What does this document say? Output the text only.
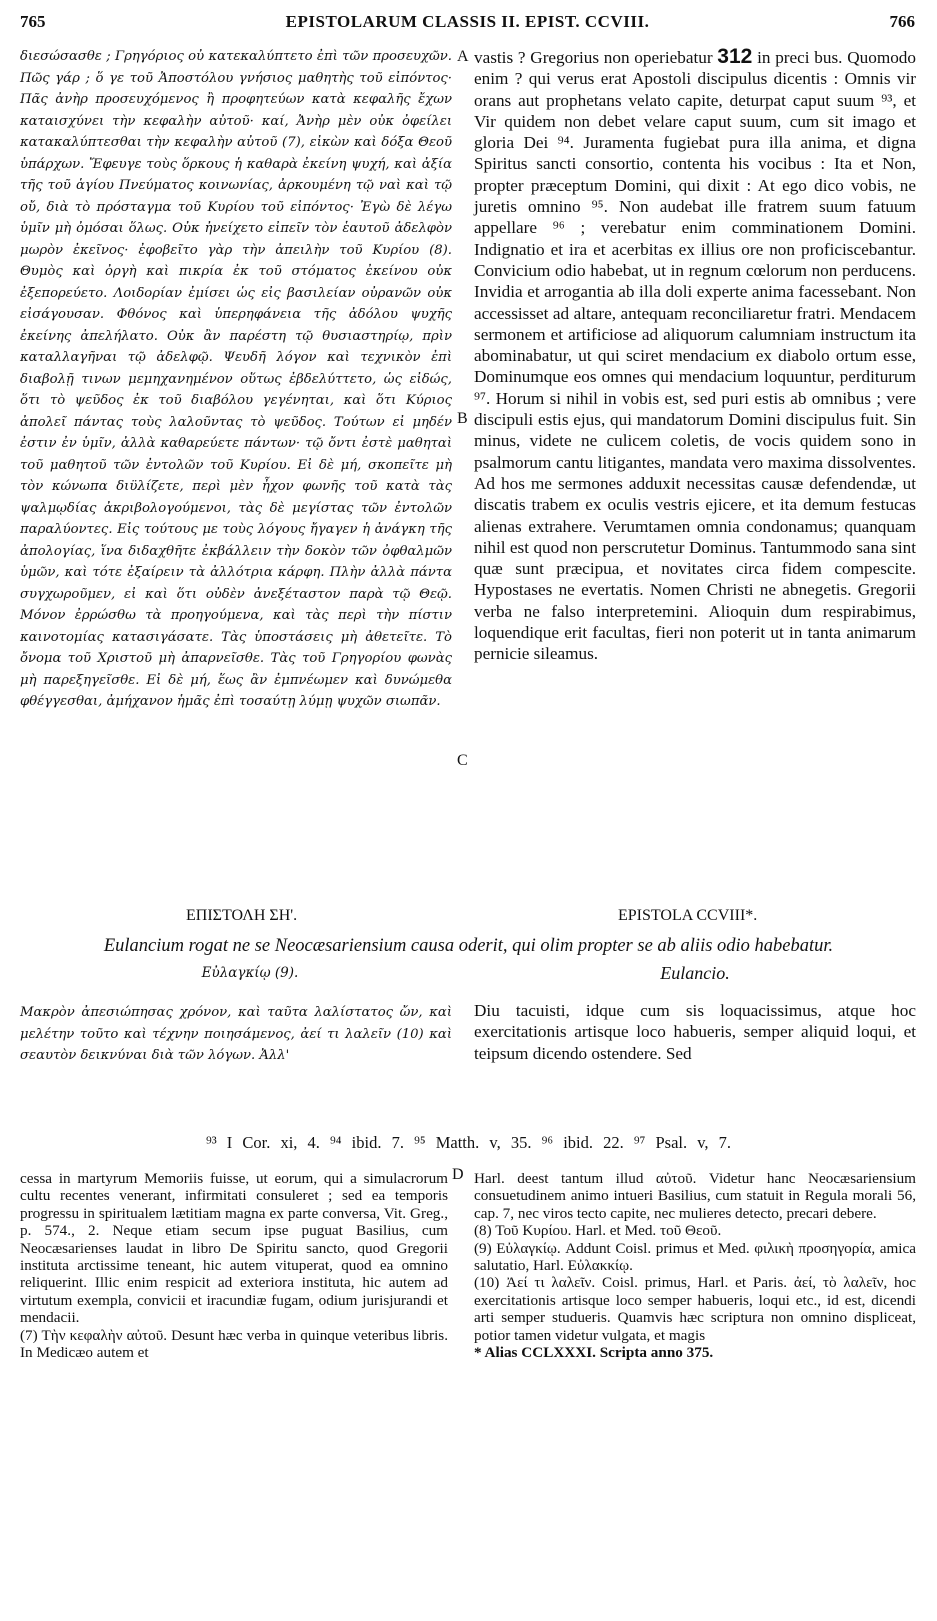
765	EPISTOLARUM CLASSIS II. EPIST. CCVIII.	766

διεσώσασθε ; Γρηγόριος οὐ κατεκαλύπτετο ἐπὶ τῶν προσευχῶν. Πῶς γάρ ; ὅ γε τοῦ Ἀποστόλου γνήσιος μαθητὴς τοῦ εἰπόντος· Πᾶς ἀνὴρ προσευχόμενος ἢ προφητεύων κατὰ κεφαλῆς ἔχων καταισχύνει τὴν κεφαλὴν αὐτοῦ· καί, Ἀνὴρ μὲν οὐκ ὀφείλει κατακαλύπτεσθαι τὴν κεφαλὴν αὐτοῦ (7), εἰκὼν καὶ δόξα Θεοῦ ὑπάρχων. Ἔφευγε τοὺς ὅρκους ἡ καθαρὰ ἐκείνη ψυχή, καὶ ἀξία τῆς τοῦ ἁγίου Πνεύματος κοινωνίας, ἀρκουμένη τῷ ναὶ καὶ τῷ οὔ, διὰ τὸ πρόσταγμα τοῦ Κυρίου τοῦ εἰπόντος· Ἐγὼ δὲ λέγω ὑμῖν μὴ ὀμόσαι ὅλως. Οὐκ ἠνείχετο εἰπεῖν τὸν ἑαυτοῦ ἀδελφὸν μωρὸν ἐκεῖνος· ἐφοβεῖτο γὰρ τὴν ἀπειλὴν τοῦ Κυρίου (8). Θυμὸς καὶ ὀργὴ καὶ πικρία ἐκ τοῦ στόματος ἐκείνου οὐκ ἐξεπορεύετο. Λοιδορίαν ἐμίσει ὡς εἰς βασιλείαν οὐρανῶν οὐκ εἰσάγουσαν. Φθόνος καὶ ὑπερηφάνεια τῆς ἀδόλου ψυχῆς ἐκείνης ἀπελήλατο. Οὐκ ἂν παρέστη τῷ θυσιαστηρίῳ, πρὶν καταλλαγῆναι τῷ ἀδελφῷ. Ψευδῆ λόγον καὶ τεχνικὸν ἐπὶ διαβολῇ τινων μεμηχανημένον οὕτως ἐβδελύττετο, ὡς εἰδώς, ὅτι τὸ ψεῦδος ἐκ τοῦ διαβόλου γεγένηται, καὶ ὅτι Κύριος ἀπολεῖ πάντας τοὺς λαλοῦντας τὸ ψεῦδος. Τούτων εἰ μηδέν ἐστιν ἐν ὑμῖν, ἀλλὰ καθαρεύετε πάντων· τῷ ὄντι ἐστὲ μαθηταὶ τοῦ μαθητοῦ τῶν ἐντολῶν τοῦ Κυρίου. Εἰ δὲ μή, σκοπεῖτε μὴ τὸν κώνωπα διϋλίζετε, περὶ μὲν ἦχον φωνῆς τοῦ κατὰ τὰς ψαλμῳδίας ἀκριβολογούμενοι, τὰς δὲ μεγίστας τῶν ἐντολῶν παραλύοντες. Εἰς τούτους με τοὺς λόγους ἤγαγεν ἡ ἀνάγκη τῆς ἀπολογίας, ἵνα διδαχθῆτε ἐκβάλλειν τὴν δοκὸν τῶν ὀφθαλμῶν ὑμῶν, καὶ τότε ἐξαίρειν τὰ ἀλλότρια κάρφη. Πλὴν ἀλλὰ πάντα συγχωροῦμεν, εἰ καὶ ὅτι οὐδὲν ἀνεξέταστον παρὰ τῷ Θεῷ. Μόνον ἐρρώσθω τὰ προηγούμενα, καὶ τὰς περὶ τὴν πίστιν καινοτομίας κατασιγάσατε. Τὰς ὑποστάσεις μὴ ἀθετεῖτε. Τὸ ὄνομα τοῦ Χριστοῦ μὴ ἀπαρνεῖσθε. Τὰς τοῦ Γρηγορίου φωνὰς μὴ παρεξηγεῖσθε. Εἰ δὲ μή, ἕως ἂν ἐμπνέωμεν καὶ δυνώμεθα φθέγγεσθαι, ἀμήχανον ἡμᾶς ἐπὶ τοσαύτῃ λύμῃ ψυχῶν σιωπᾶν.

vastis ? Gregorius non operiebatur 312 in preci bus. Quomodo enim ? qui verus erat Apostoli discipulus dicentis : Omnis vir orans aut prophetans velato capite, deturpat caput suum ⁹³, et Vir quidem non debet velare caput suum, cum sit imago et gloria Dei ⁹⁴. Juramenta fugiebat pura illa anima, et digna Spiritus sancti consortio, contenta his vocibus : Ita et Non, propter præceptum Domini, qui dixit : At ego dico vobis, ne juretis omnino ⁹⁵. Non audebat ille fratrem suum fatuum appellare ⁹⁶ ; verebatur enim comminationem Domini. Indignatio et ira et acerbitas ex illius ore non proficiscebantur. Convicium odio habebat, ut in regnum cœlorum non perducens. Invidia et arrogantia ab illa doli experte anima facessebant. Non accessisset ad altare, antequam reconciliaretur fratri. Mendacem sermonem et artificiose ad aliquorum calumniam instructum ita abominabatur, ut qui sciret mendacium ex diabolo ortum esse, Dominumque eos omnes qui mendacium loquuntur, perditurum ⁹⁷. Horum si nihil in vobis est, sed puri estis ab omnibus ; vere discipuli estis ejus, qui mandatorum Domini discipulus fuit. Sin minus, videte ne culicem coletis, de vocis quidem sono in psalmorum cantu litigantes, mandata vero maxima dissolventes. Ad hos me sermones adduxit necessitas causæ defendendæ, ut discatis trabem ex oculis vestris ejicere, et ita demum festucas alienas extrahere. Verumtamen omnia condonamus; quanquam nihil est quod non perscrutetur Dominus. Tantummodo sana sint quæ sunt præcipua, et novitates circa fidem compescite. Hypostases ne evertatis. Nomen Christi ne abnegetis. Gregorii verba ne falso interpretemini. Alioquin dum respirabimus, loquendique erit facultas, fieri non poterit ut in tanta animarum pernicie sileamus.

A
B
C
D
ΕΠΙΣΤΟΛΗ ΣΗ'.	EPISTOLA CCVIII*.
Eulancium rogat ne se Neocæsariensium causa oderit, qui olim propter se ab aliis odio habebatur.
Εὐλαγκίῳ (9).	Eulancio.

Μακρὸν ἀπεσιώπησας χρόνον, καὶ ταῦτα λαλίστατος ὤν, καὶ μελέτην τοῦτο καὶ τέχνην ποιησάμενος, ἀεί τι λαλεῖν (10) καὶ σεαυτὸν δεικνύναι διὰ τῶν λόγων. Ἀλλ'

Diu tacuisti, idque cum sis loquacissimus, atque hoc exercitationis artisque loco habueris, semper aliquid loqui, et teipsum dicendo ostendere. Sed

⁹³ I Cor. xi, 4. ⁹⁴ ibid. 7. ⁹⁵ Matth. v, 35. ⁹⁶ ibid. 22. ⁹⁷ Psal. v, 7.

cessa in martyrum Memoriis fuisse, ut eorum, qui a simulacrorum cultu recentes venerant, infirmitati consuleret ; sed ea temporis progressu in spiritualem lætitiam magna ex parte conversa, Vit. Greg., p. 574., 2. Neque etiam secum ipse puguat Basilius, cum Neocæsarienses laudat in libro De Spiritu sancto, quod Gregorii instituta arctissime teneant, hic autem vituperat, quod ea omnino reliquerint. Illic enim respicit ad exteriora instituta, hic autem ad virtutum exempla, convicii et iracundiæ fugam, odium jurisjurandi et mendacii.

(7) Τὴν κεφαλὴν αὐτοῦ. Desunt hæc verba in quinque veteribus libris. In Medicæo autem et

Harl. deest tantum illud αὐτοῦ. Videtur hanc Neocæsariensium consuetudinem animo intueri Basilius, cum statuit in Regula morali 56, cap. 7, nec viros tecto capite, nec mulieres detecto, precari debere.

(8) Τοῦ Κυρίου. Harl. et Med. τοῦ Θεοῦ.

(9) Εὐλαγκίῳ. Addunt Coisl. primus et Med. φιλικὴ προσηγορία, amica salutatio, Harl. Εὐλακκίῳ.

(10) Ἀεί τι λαλεῖν. Coisl. primus, Harl. et Paris. ἀεί, τὸ λαλεῖν, hoc exercitationis artisque loco semper habueris, loqui etc., id est, dicendi arti semper studueris. Quamvis hæc scriptura non omnino displiceat, potior tamen videtur vulgata, et magis

* Alias CCLXXXI. Scripta anno 375.
